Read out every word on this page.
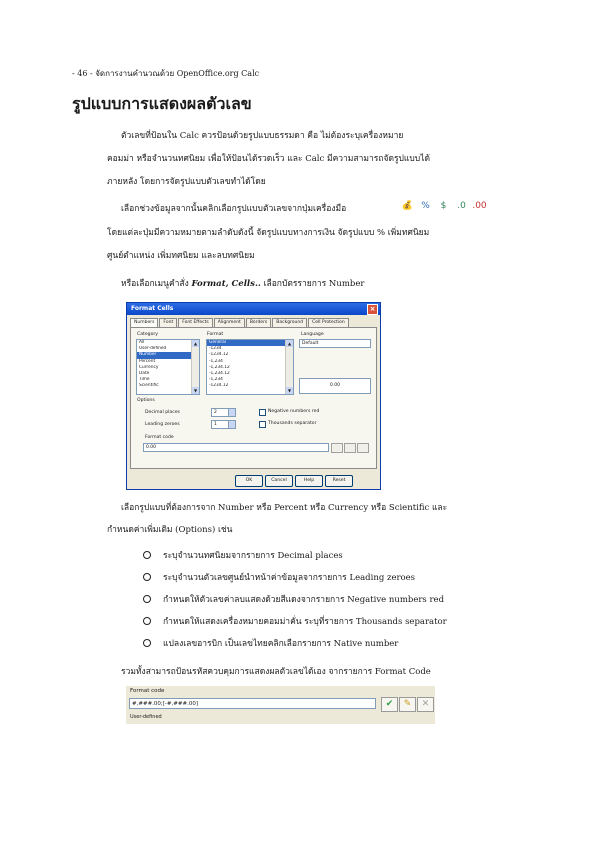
- 46 - จัดการงานคำนวณด้วย OpenOffice.org Calc
รูปแบบการแสดงผลตัวเลข
ตัวเลขที่ป้อนใน Calc ควรป้อนด้วยรูปแบบธรรมดา คือ ไม่ต้องระบุเครื่องหมาย
คอมม่า หรือจำนวนทศนิยม เพื่อให้ป้อนได้รวดเร็ว และ Calc มีความสามารถจัดรูปแบบได้
ภายหลัง โดยการจัดรูปแบบตัวเลขทำได้โดย
เลือกช่วงข้อมูลจากนั้นคลิกเลือกรูปแบบตัวเลขจากปุ่มเครื่องมือ	💰 %	$	.0 .00
โดยแต่ละปุ่มมีความหมายตามลำดับดังนี้ จัดรูปแบบทางการเงิน จัดรูปแบบ % เพิ่มทศนิยม
ศูนย์ตำแหน่ง เพิ่มทศนิยม และลบทศนิยม
หรือเลือกเมนูคำสั่ง Format, Cells.. เลือกบัตรรายการ Number
Format Cells	×
Numbers	Font	Font Effects	Alignment	Borders	Background	Cell Protection
Category
All
User-defined
Number
Percent
Currency
Date
Time
Scientific
▲
▼
Format
General
-1234
-1234.12
-1,234
-1,234.12
-1,234.12
-1,234
-1234.12
▲
▼
Language
Default
0.00
Options
Decimal places	2
Leading zeroes	1
Negative numbers red
Thousands separator
Format code
0.00
OK	Cancel	Help	Reset
เลือกรูปแบบที่ต้องการจาก Number หรือ Percent หรือ Currency หรือ Scientific และ
กำหนดค่าเพิ่มเติม (Options) เช่น
ระบุจำนวนทศนิยมจากรายการ Decimal places
ระบุจำนวนตัวเลขศูนย์นำหน้าค่าข้อมูลจากรายการ Leading zeroes
กำหนดให้ตัวเลขค่าลบแสดงด้วยสีแดงจากรายการ Negative numbers red
กำหนดให้แสดงเครื่องหมายคอมม่าคั่น ระบุที่รายการ Thousands separator
แปลงเลขอารบิก เป็นเลขไทยคลิกเลือกรายการ Native number
รวมทั้งสามารถป้อนรหัสควบคุมการแสดงผลตัวเลขได้เอง จากรายการ Format Code
Format code
#,###.00;[-#,###.00]	✔	✎	✕
User-defined
